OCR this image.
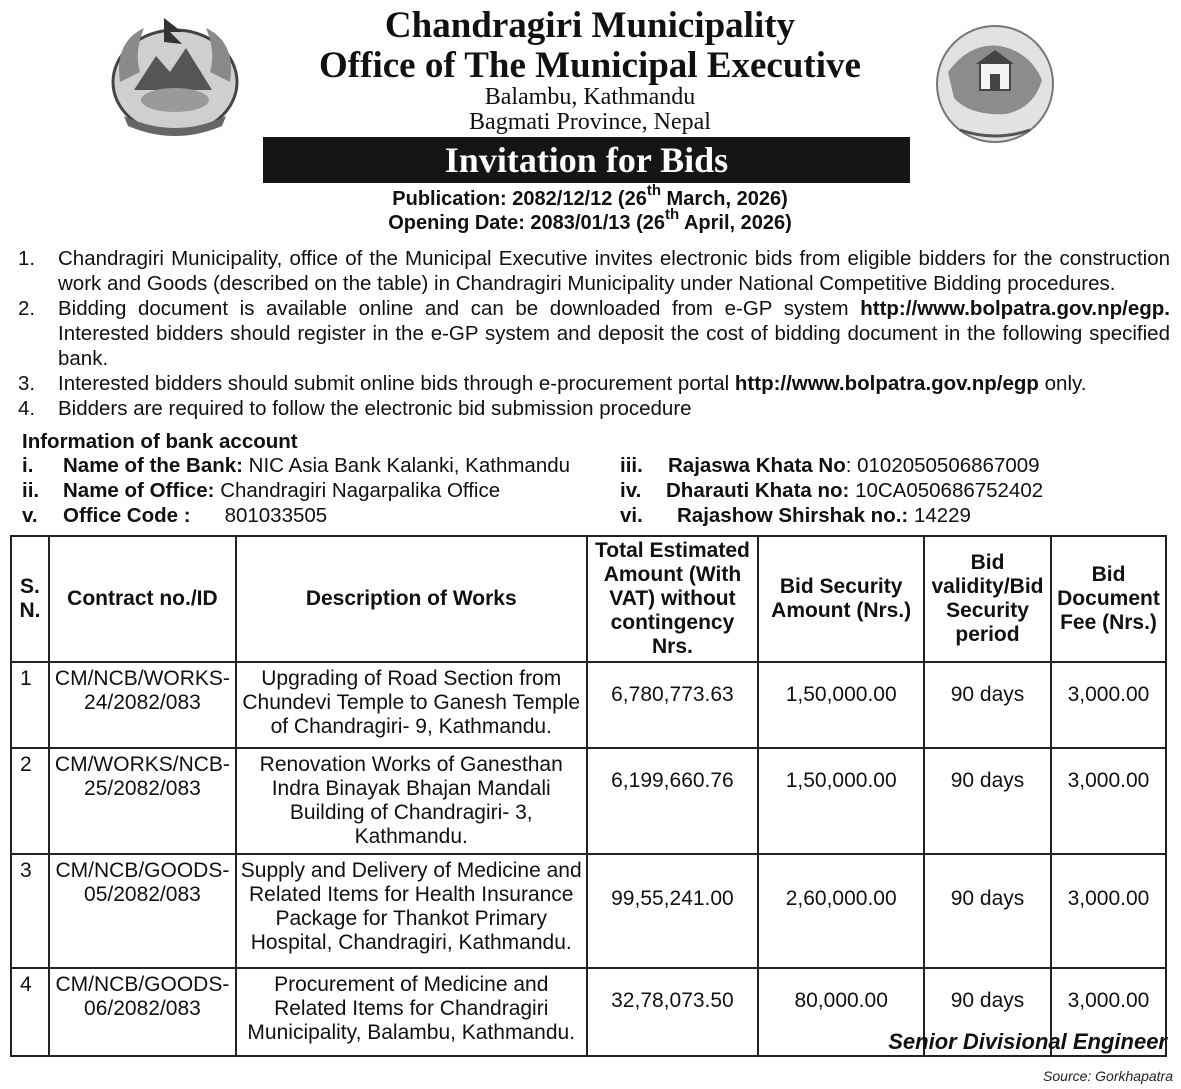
Chandragiri Municipality
Office of The Municipal Executive
Balambu, Kathmandu
Bagmati Province, Nepal
Invitation for Bids
Publication: 2082/12/12 (26th March, 2026)
Opening Date: 2083/01/13 (26th April, 2026)
1.	Chandragiri Municipality, office of the Municipal Executive invites electronic bids from eligible bidders for the construction work and Goods (described on the table) in Chandragiri Municipality under National Competitive Bidding procedures.
2.	Bidding document is available online and can be downloaded from e-GP system http://www.bolpatra.gov.np/egp. Interested bidders should register in the e-GP system and deposit the cost of bidding document in the following specified bank.
3.	Interested bidders should submit online bids through e-procurement portal http://www.bolpatra.gov.np/egp only.
4.	Bidders are required to follow the electronic bid submission procedure
Information of bank account
i. Name of the Bank: NIC Asia Bank Kalanki, Kathmandu
ii. Name of Office: Chandragiri Nagarpalika Office
v. Office Code : 801033505
iii. Rajaswa Khata No: 0102050506867009
iv. Dharauti Khata no: 10CA050686752402
vi. Rajashow Shirshak no.: 14229
S. N.	Contract no./ID	Description of Works	Total Estimated Amount (With VAT) without contingency Nrs.	Bid Security Amount (Nrs.)	Bid validity/Bid Security period	Bid Document Fee (Nrs.)
1	CM/NCB/WORKS-24/2082/083	Upgrading of Road Section from Chundevi Temple to Ganesh Temple of Chandragiri- 9, Kathmandu.	6,780,773.63	1,50,000.00	90 days	3,000.00
2	CM/WORKS/NCB-25/2082/083	Renovation Works of Ganesthan Indra Binayak Bhajan Mandali Building of Chandragiri- 3, Kathmandu.	6,199,660.76	1,50,000.00	90 days	3,000.00
3	CM/NCB/GOODS-05/2082/083	Supply and Delivery of Medicine and Related Items for Health Insurance Package for Thankot Primary Hospital, Chandragiri, Kathmandu.	99,55,241.00	2,60,000.00	90 days	3,000.00
4	CM/NCB/GOODS-06/2082/083	Procurement of Medicine and Related Items for Chandragiri Municipality, Balambu, Kathmandu.	32,78,073.50	80,000.00	90 days	3,000.00
Senior Divisional Engineer
Source: Gorkhapatra
